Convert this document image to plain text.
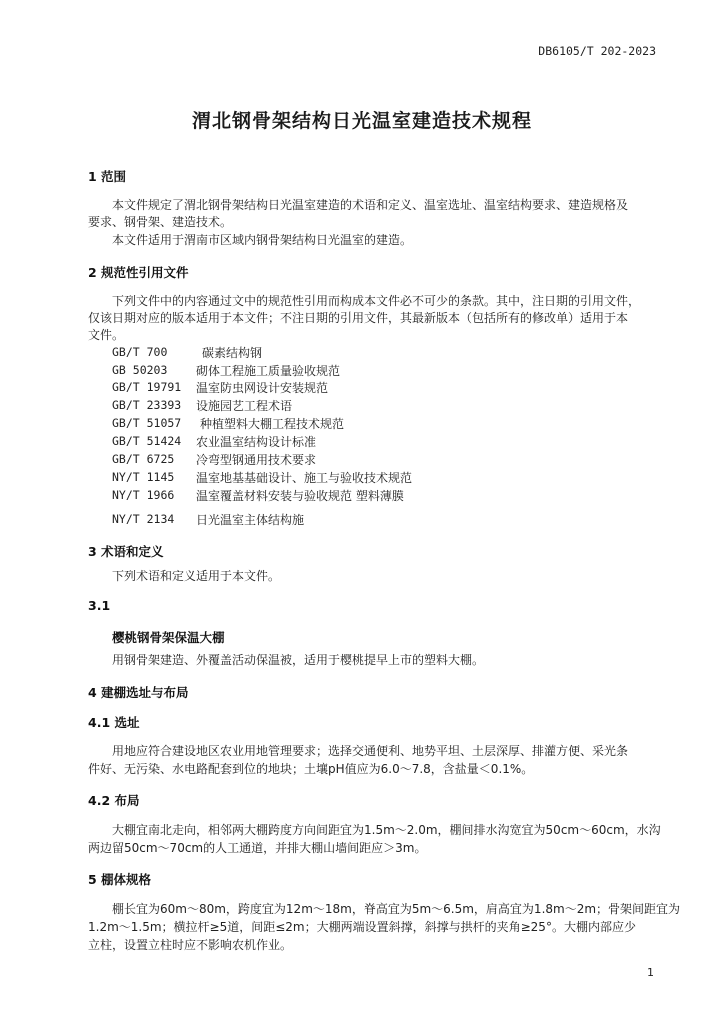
DB6105/T 202-2023
渭北钢骨架结构日光温室建造技术规程
1 范围
本文件规定了渭北钢骨架结构日光温室建造的术语和定义、温室选址、温室结构要求、建造规格及
要求、钢骨架、建造技术。
本文件适用于渭南市区域内钢骨架结构日光温室的建造。
2 规范性引用文件
下列文件中的内容通过文中的规范性引用而构成本文件必不可少的条款。其中，注日期的引用文件，
仅该日期对应的版本适用于本文件；不注日期的引用文件，其最新版本（包括所有的修改单）适用于本
文件。
GB/T 700	碳素结构钢
GB 50203 砌体工程施工质量验收规范
GB/T 19791 温室防虫网设计安装规范
GB/T 23393 设施园艺工程术语
GB/T 51057 种植塑料大棚工程技术规范
GB/T 51424 农业温室结构设计标准
GB/T 6725 冷弯型钢通用技术要求
NY/T 1145 温室地基基础设计、施工与验收技术规范
NY/T 1966 温室覆盖材料安装与验收规范 塑料薄膜
NY/T 2134 日光温室主体结构施
3 术语和定义
下列术语和定义适用于本文件。
3.1
樱桃钢骨架保温大棚
用钢骨架建造、外覆盖活动保温被，适用于樱桃提早上市的塑料大棚。
4 建棚选址与布局
4.1 选址
用地应符合建设地区农业用地管理要求；选择交通便利、地势平坦、土层深厚、排灌方便、采光条
件好、无污染、水电路配套到位的地块；土壤pH值应为6.0～7.8，含盐量＜0.1%。
4.2 布局
大棚宜南北走向，相邻两大棚跨度方向间距宜为1.5m～2.0m，棚间排水沟宽宜为50cm～60cm，水沟
两边留50cm～70cm的人工通道，并排大棚山墙间距应＞3m。
5 棚体规格
棚长宜为60m～80m，跨度宜为12m～18m，脊高宜为5m～6.5m，肩高宜为1.8m～2m；骨架间距宜为
1.2m～1.5m；横拉杆≥5道，间距≤2m；大棚两端设置斜撑，斜撑与拱杆的夹角≥25°。大棚内部应少
立柱，设置立柱时应不影响农机作业。
1
